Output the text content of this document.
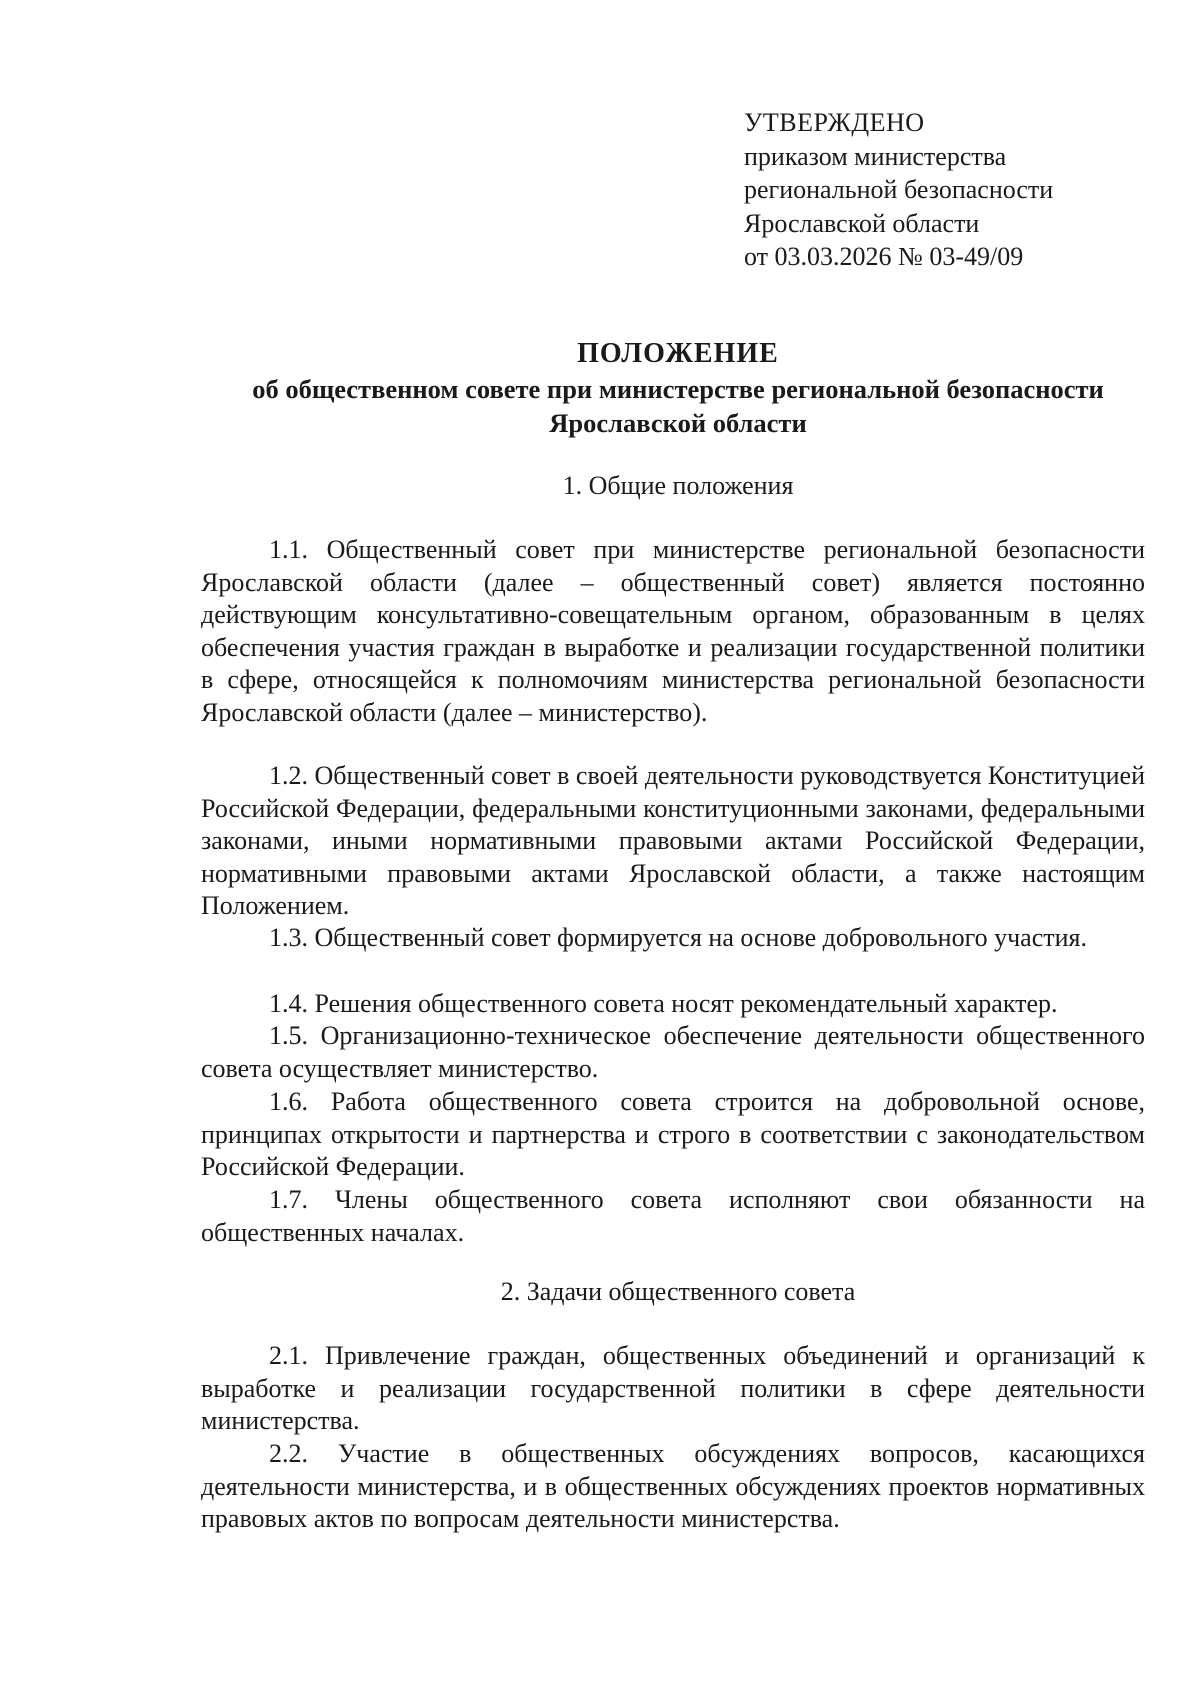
УТВЕРЖДЕНО
приказом министерства
региональной безопасности
Ярославской области
от 03.03.2026 № 03-49/09
ПОЛОЖЕНИЕ
об общественном совете при министерстве региональной безопасности
Ярославской области
1. Общие положения
1.1. Общественный совет при министерстве региональной безопасности Ярославской области (далее – общественный совет) является постоянно действующим консультативно-совещательным органом, образованным в целях обеспечения участия граждан в выработке и реализации государственной политики в сфере, относящейся к полномочиям министерства региональной безопасности Ярославской области (далее – министерство).
1.2. Общественный совет в своей деятельности руководствуется Конституцией Российской Федерации, федеральными конституционными законами, федеральными законами, иными нормативными правовыми актами Российской Федерации, нормативными правовыми актами Ярославской области, а также настоящим Положением.
1.3. Общественный совет формируется на основе добровольного участия.
1.4. Решения общественного совета носят рекомендательный характер.
1.5. Организационно-техническое обеспечение деятельности общественного совета осуществляет министерство.
1.6. Работа общественного совета строится на добровольной основе, принципах открытости и партнерства и строго в соответствии с законодательством Российской Федерации.
1.7. Члены общественного совета исполняют свои обязанности на общественных началах.
2. Задачи общественного совета
2.1. Привлечение граждан, общественных объединений и организаций к выработке и реализации государственной политики в сфере деятельности министерства.
2.2. Участие в общественных обсуждениях вопросов, касающихся деятельности министерства, и в общественных обсуждениях проектов нормативных правовых актов по вопросам деятельности министерства.
